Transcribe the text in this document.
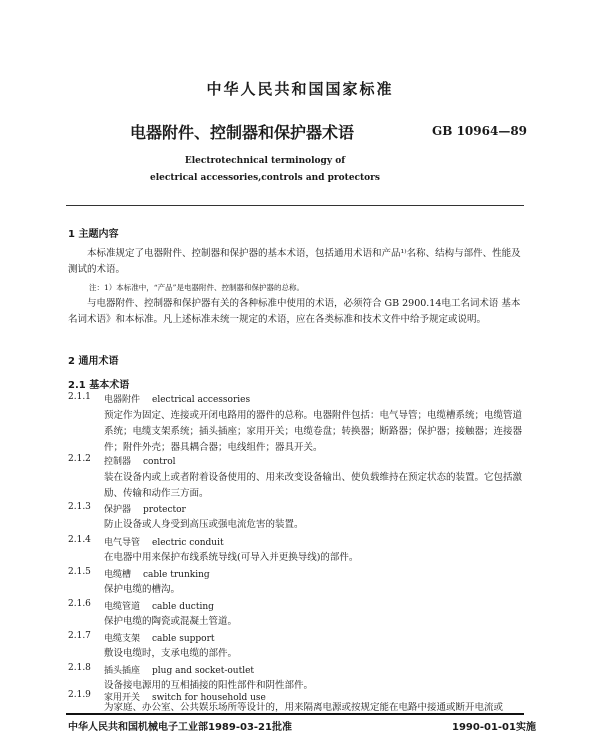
中华人民共和国国家标准
电器附件、控制器和保护器术语	GB 10964—89
Electrotechnical terminology of
electrical accessories,controls and protectors
1 主题内容
本标准规定了电器附件、控制器和保护器的基本术语，包括通用术语和产品¹⁾名称、结构与部件、性能及测试的术语。
注：1）本标准中，“产品”是电器附件、控制器和保护器的总称。
与电器附件、控制器和保护器有关的各种标准中使用的术语，必须符合 GB 2900.14电工名词术语 基本名词术语》和本标准。凡上述标准未统一规定的术语，应在各类标准和技术文件中给予规定或说明。
2 通用术语
2.1 基本术语
2.1.1 电器附件 electrical accessories
预定作为固定、连接或开闭电路用的器件的总称。电器附件包括：电气导管；电缆槽系统；电缆管道系统；电缆支架系统；插头插座；家用开关；电缆卷盘；转换器；断路器；保护器；接触器；连接器件；附件外壳；器具耦合器；电线组件；器具开关。
2.1.2 控制器 control
装在设备内或上或者附着设备使用的、用来改变设备输出、使负载维持在预定状态的装置。它包括激励、传输和动作三方面。
2.1.3 保护器 protector
防止设备或人身受到高压或强电流危害的装置。
2.1.4 电气导管 electric conduit
在电器中用来保护布线系统导线(可导入并更换导线)的部件。
2.1.5 电缆槽 cable trunking
保护电缆的槽沟。
2.1.6 电缆管道 cable ducting
保护电缆的陶瓷或混凝土管道。
2.1.7 电缆支架 cable support
敷设电缆时，支承电缆的部件。
2.1.8 插头插座 plug and socket-outlet
设备接电源用的互相插接的阳性部件和阴性部件。
2.1.9 家用开关 switch for household use
为家庭、办公室、公共娱乐场所等设计的，用来隔离电源或按规定能在电路中接通或断开电流或
中华人民共和国机械电子工业部1989-03-21批准	1990-01-01实施
